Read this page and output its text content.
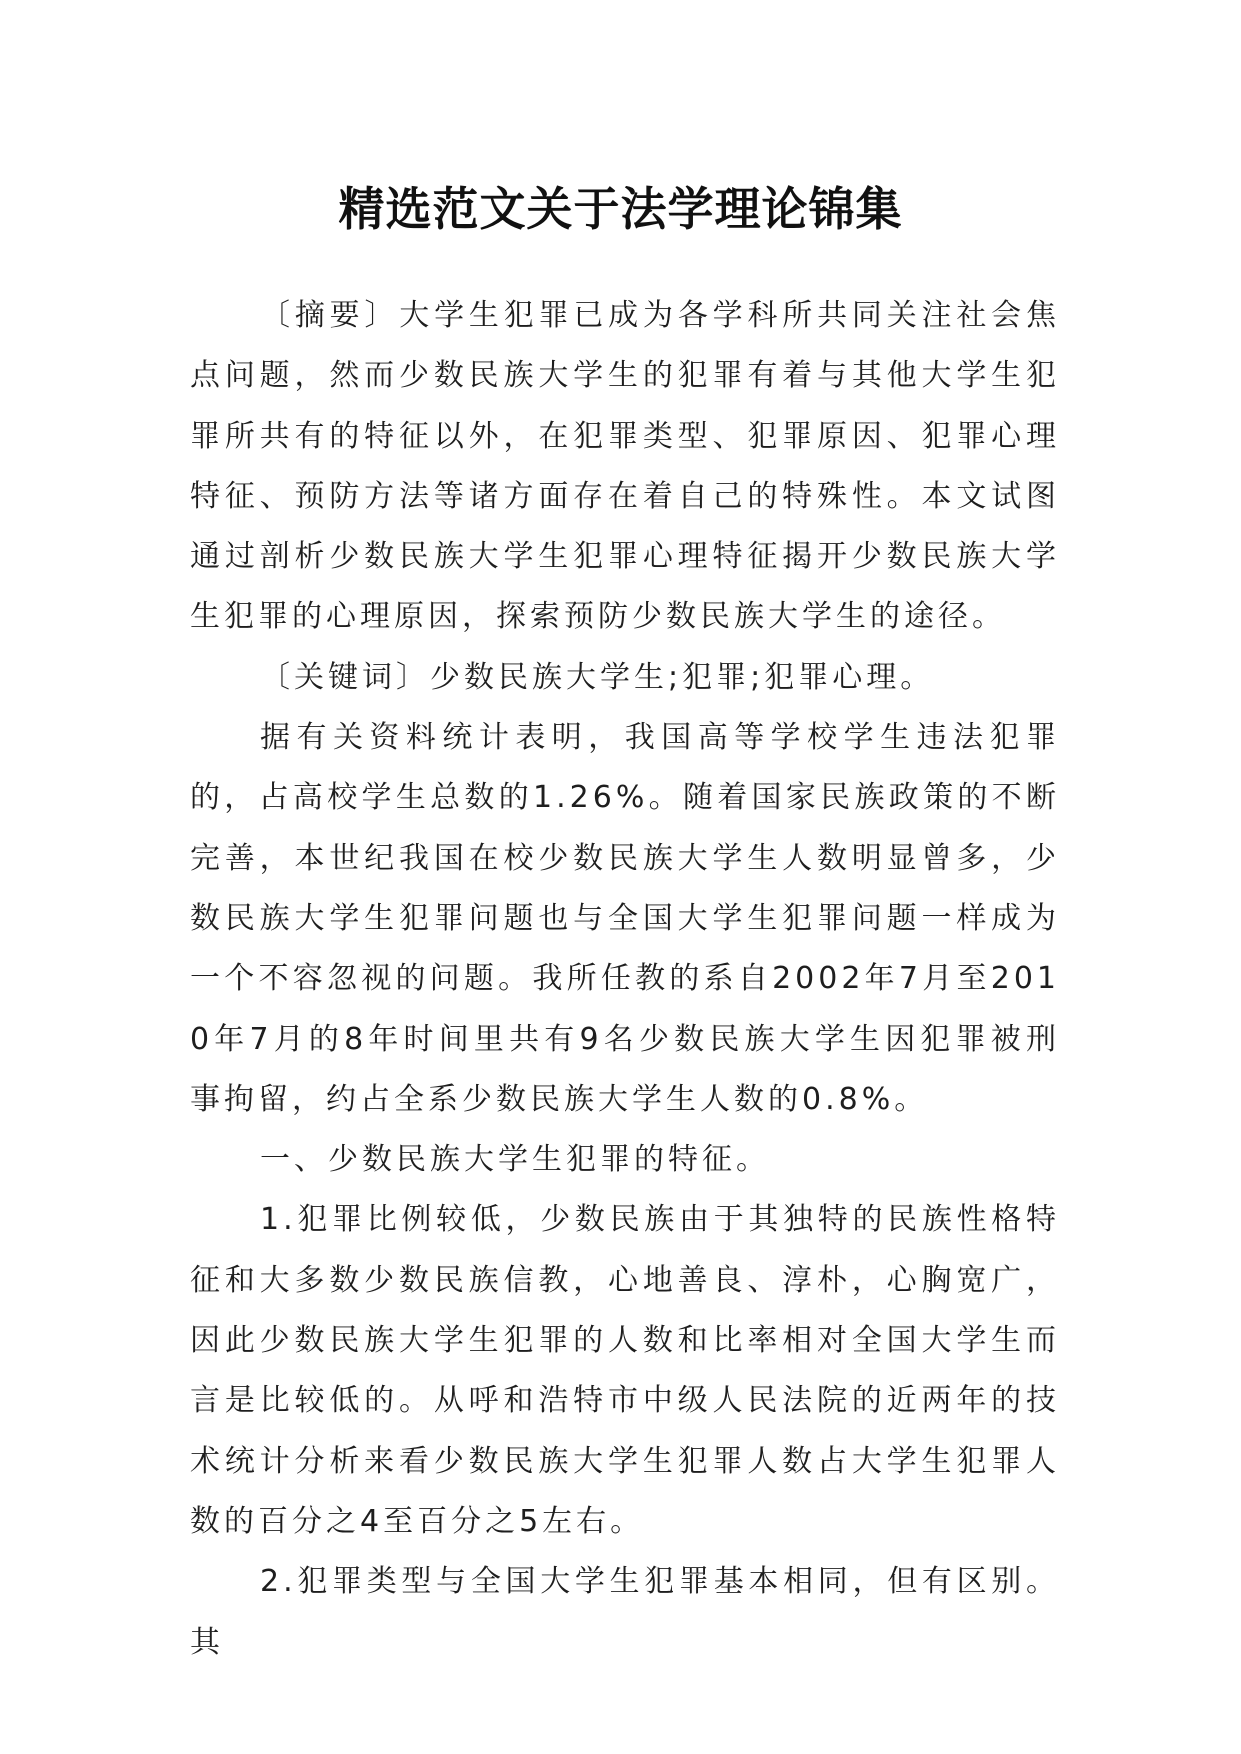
精选范文关于法学理论锦集

〔摘要〕大学生犯罪已成为各学科所共同关注社会焦点问题，然而少数民族大学生的犯罪有着与其他大学生犯罪所共有的特征以外，在犯罪类型、犯罪原因、犯罪心理特征、预防方法等诸方面存在着自己的特殊性。本文试图通过剖析少数民族大学生犯罪心理特征揭开少数民族大学生犯罪的心理原因，探索预防少数民族大学生的途径。

〔关键词〕少数民族大学生;犯罪;犯罪心理。

据有关资料统计表明，我国高等学校学生违法犯罪的，占高校学生总数的1.26%。随着国家民族政策的不断完善，本世纪我国在校少数民族大学生人数明显曾多，少数民族大学生犯罪问题也与全国大学生犯罪问题一样成为一个不容忽视的问题。我所任教的系自2002年7月至2010年7月的8年时间里共有9名少数民族大学生因犯罪被刑事拘留，约占全系少数民族大学生人数的0.8%。

一、少数民族大学生犯罪的特征。

1.犯罪比例较低，少数民族由于其独特的民族性格特征和大多数少数民族信教，心地善良、淳朴，心胸宽广，因此少数民族大学生犯罪的人数和比率相对全国大学生而言是比较低的。从呼和浩特市中级人民法院的近两年的技术统计分析来看少数民族大学生犯罪人数占大学生犯罪人数的百分之4至百分之5左右。

2.犯罪类型与全国大学生犯罪基本相同，但有区别。其
